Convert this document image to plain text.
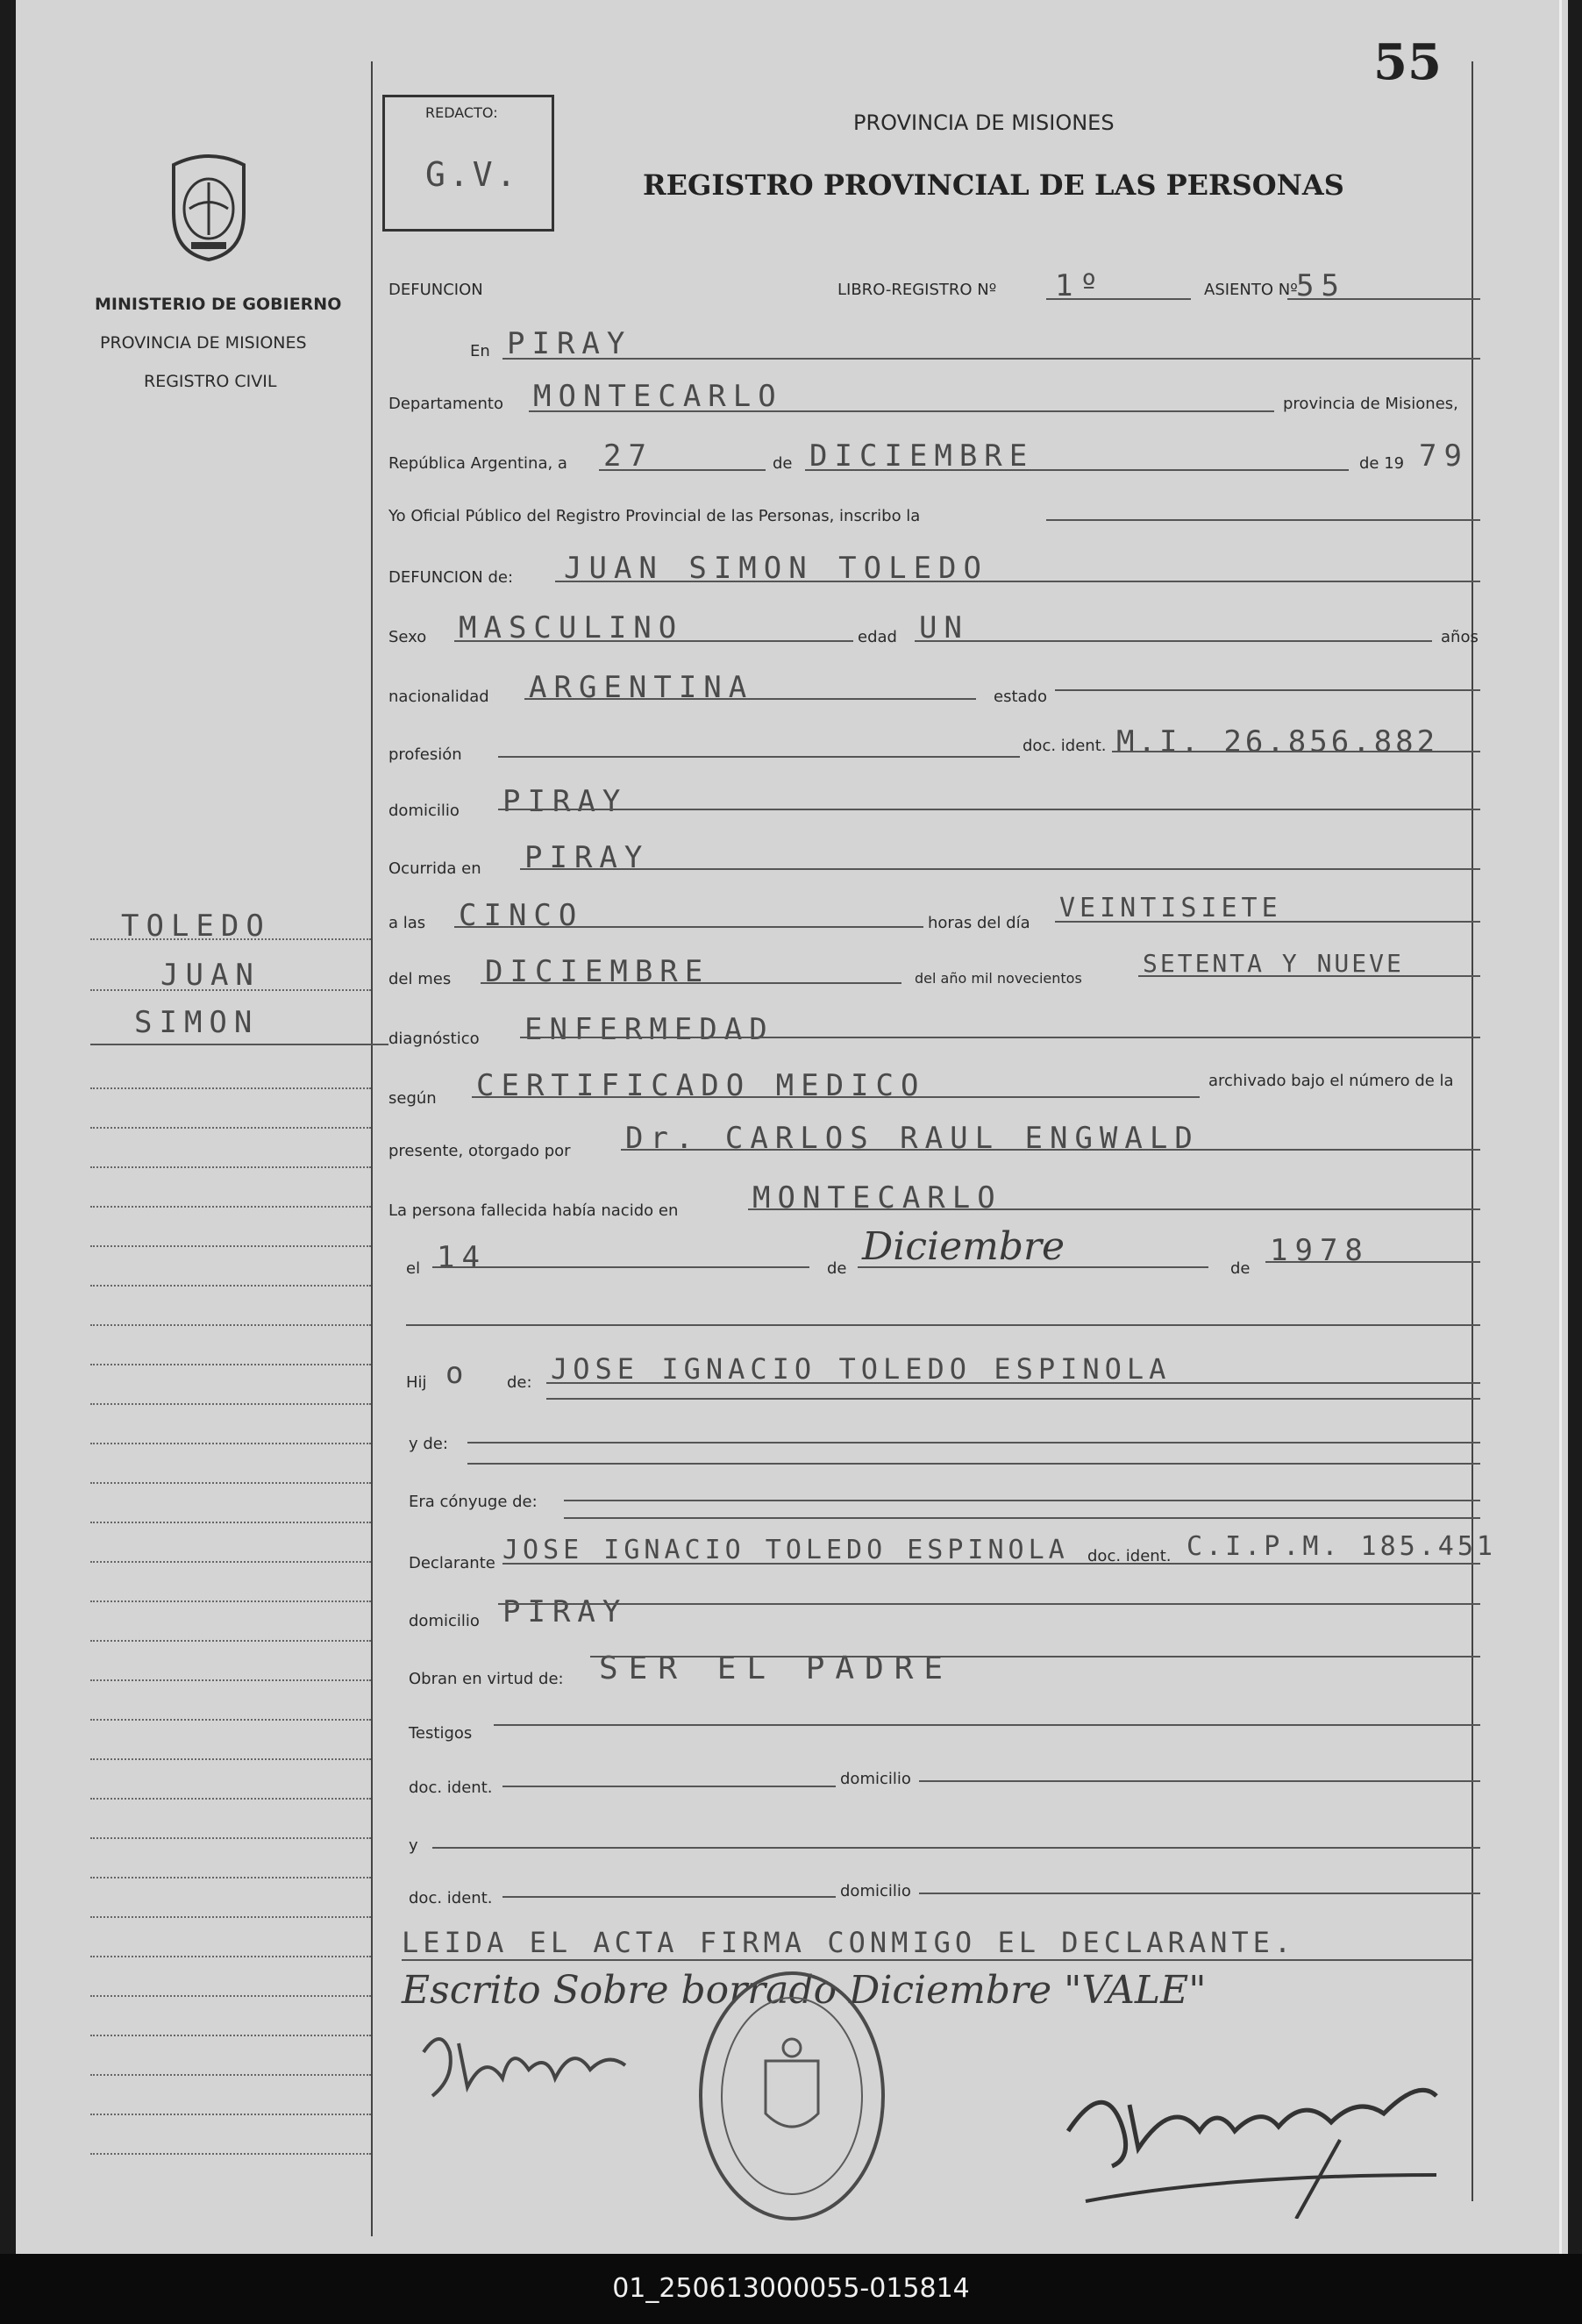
55
REDACTO:
G.V.
PROVINCIA DE MISIONES
REGISTRO PROVINCIAL DE LAS PERSONAS
MINISTERIO DE GOBIERNO
PROVINCIA DE MISIONES
REGISTRO CIVIL
TOLEDO
JUAN
SIMON
DEFUNCION	LIBRO-REGISTRO Nº 1º	ASIENTO Nº
55
En PIRAY
Departamento MONTECARLO	provincia de Misiones,
República Argentina, a 27	de DICIEMBRE	de 19 79
Yo Oficial Público del Registro Provincial de las Personas, inscribo la
DEFUNCION de: JUAN SIMON TOLEDO
Sexo MASCULINO	edad UN	años
nacionalidad ARGENTINA	estado
profesión	doc. ident. M.I. 26.856.882
domicilio PIRAY
Ocurrida en PIRAY
a las CINCO	horas del día VEINTISIETE
del mes DICIEMBRE	del año mil novecientos
SETENTA Y NUEVE
diagnóstico ENFERMEDAD
según CERTIFICADO MEDICO	archivado bajo el número de la
presente, otorgado por Dr. CARLOS RAUL ENGWALD
La persona fallecida había nacido en MONTECARLO
el 14	de Diciembre	de
1978
Hij o de: JOSE IGNACIO TOLEDO ESPINOLA
y de:
Era cónyuge de:
Declarante JOSE IGNACIO TOLEDO ESPINOLA doc. ident. C.I.P.M. 185.451
domicilio PIRAY
Obran en virtud de: SER EL PADRE
Testigos
doc. ident.	domicilio
y
doc. ident.	domicilio
LEIDA EL ACTA FIRMA CONMIGO EL DECLARANTE.
Escrito Sobre borrado Diciembre "VALE"
01_250613000055-015814
